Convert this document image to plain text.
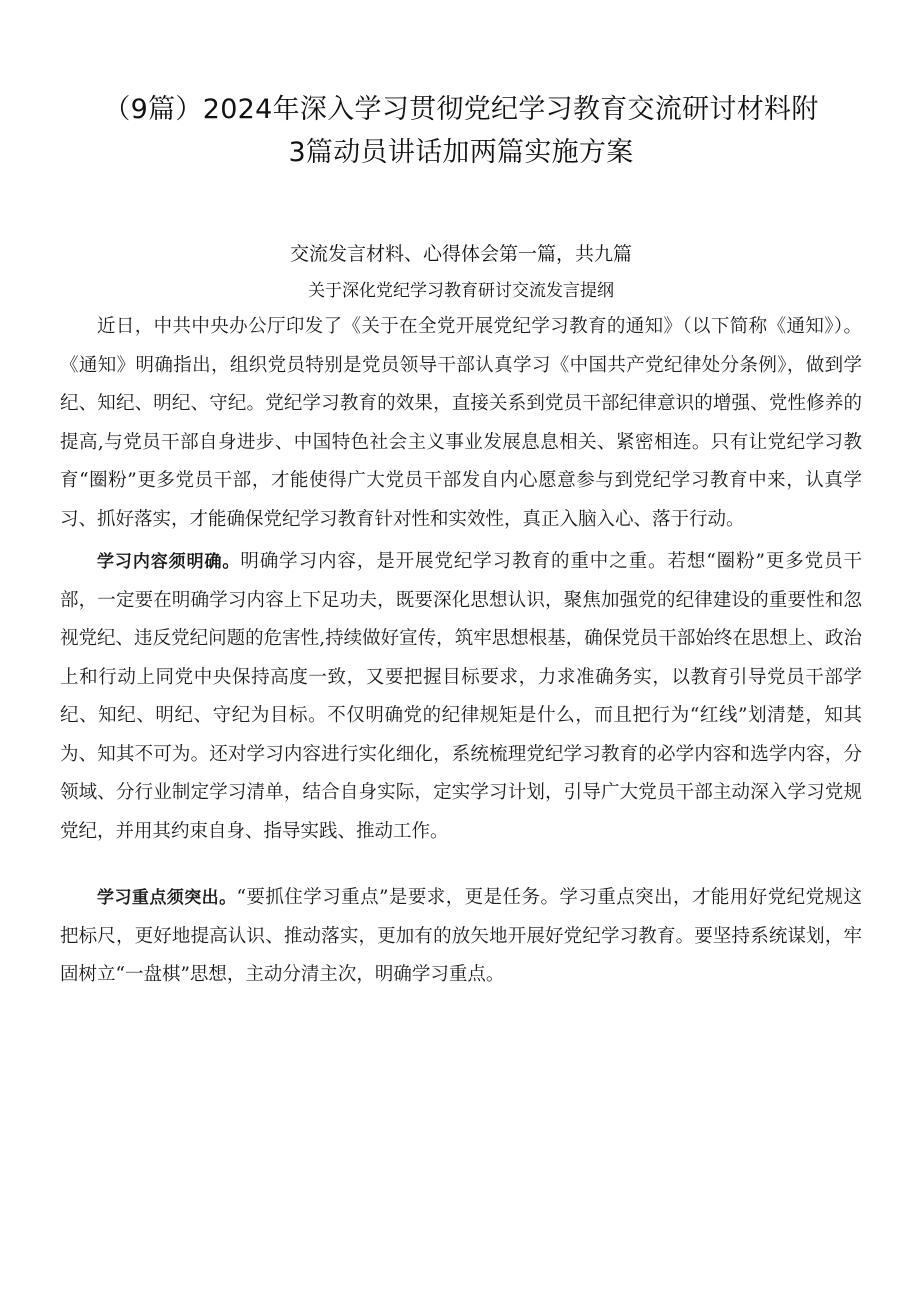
（9篇）2024年深入学习贯彻党纪学习教育交流研讨材料附3篇动员讲话加两篇实施方案
交流发言材料、心得体会第一篇，共九篇
关于深化党纪学习教育研讨交流发言提纲

近日，中共中央办公厅印发了《关于在全党开展党纪学习教育的通知》（以下简称《通知》）。《通知》明确指出，组织党员特别是党员领导干部认真学习《中国共产党纪律处分条例》，做到学纪、知纪、明纪、守纪。党纪学习教育的效果，直接关系到党员干部纪律意识的增强、党性修养的提高,与党员干部自身进步、中国特色社会主义事业发展息息相关、紧密相连。只有让党纪学习教育“圈粉”更多党员干部，才能使得广大党员干部发自内心愿意参与到党纪学习教育中来，认真学习、抓好落实，才能确保党纪学习教育针对性和实效性，真正入脑入心、落于行动。

学习内容须明确。明确学习内容，是开展党纪学习教育的重中之重。若想“圈粉”更多党员干部，一定要在明确学习内容上下足功夫，既要深化思想认识，聚焦加强党的纪律建设的重要性和忽视党纪、违反党纪问题的危害性,持续做好宣传，筑牢思想根基，确保党员干部始终在思想上、政治上和行动上同党中央保持高度一致，又要把握目标要求，力求准确务实，以教育引导党员干部学纪、知纪、明纪、守纪为目标。不仅明确党的纪律规矩是什么，而且把行为“红线”划清楚，知其为、知其不可为。还对学习内容进行实化细化，系统梳理党纪学习教育的必学内容和选学内容，分领域、分行业制定学习清单，结合自身实际，定实学习计划，引导广大党员干部主动深入学习党规党纪，并用其约束自身、指导实践、推动工作。

学习重点须突出。“要抓住学习重点”是要求，更是任务。学习重点突出，才能用好党纪党规这把标尺，更好地提高认识、推动落实，更加有的放矢地开展好党纪学习教育。要坚持系统谋划，牢固树立“一盘棋”思想，主动分清主次，明确学习重点。
